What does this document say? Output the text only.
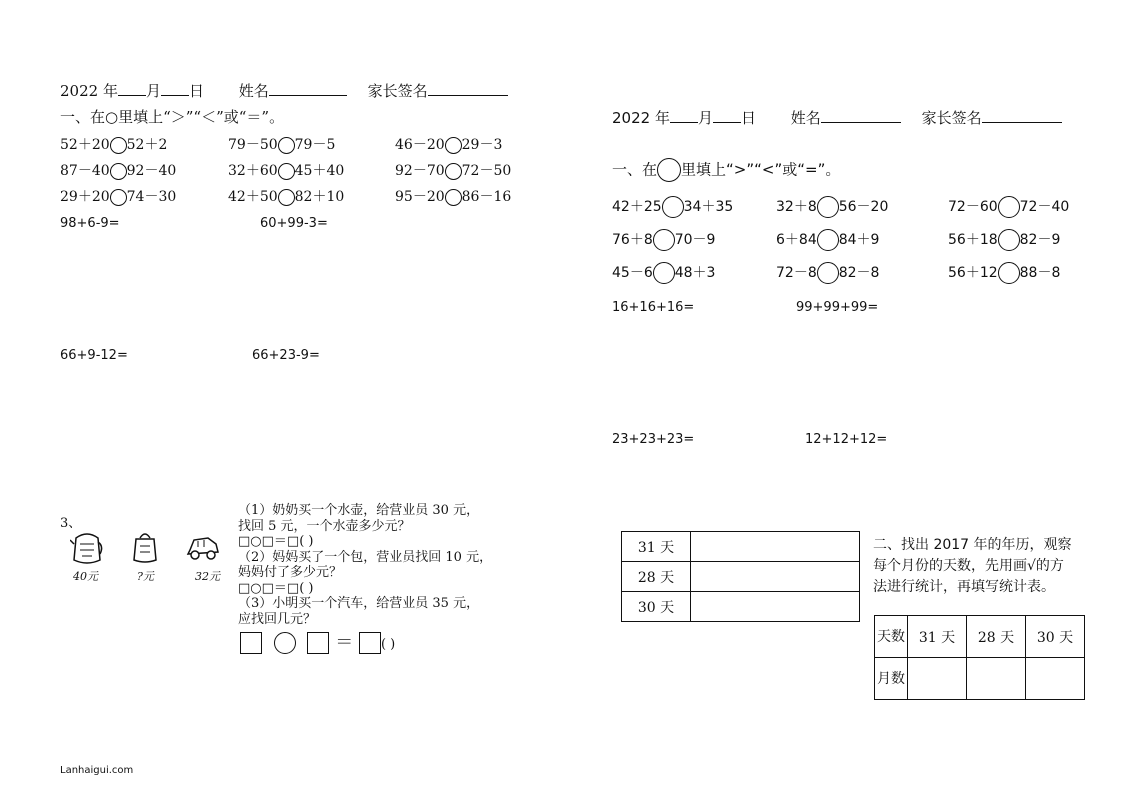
2022 年 月 日 姓名	家长签名
一、在○里填上“＞”“＜”或“＝”。
52＋20 52＋2	79－50 79－5	46－20 29－3
87－40 92－40	32＋60 45＋40	92－70 72－50
29＋20 74－30	42＋50 82＋10	95－20 86－16
98+6-9=	60+99-3=
66+9-12=	66+23-9=
3、
40元	?元	32元
（1）奶奶买一个水壶，给营业员 30 元，
找回 5 元，一个水壶多少元？
□○□＝□( )
（2）妈妈买了一个包，营业员找回 10 元，
妈妈付了多少元？
□○□＝□( )
（3）小明买一个汽车，给营业员 35 元，
应找回几元？
＝ ( )
Lanhaigui.com
2022 年 月 日 姓名	家长签名
一、在 里填上“>”“<”或“=”。
42＋25 34＋35	32＋8 56－20	72－60 72－40
76＋8 70－9	6＋84 84＋9	56＋18 82－9
45－6 48＋3	72－8 82－8	56＋12 88－8
16+16+16=	99+99+99=
23+23+23=	12+12+12=
31 天	
28 天	
30 天	
二、找出 2017 年的年历，观察
每个月份的天数，先用画√的方
法进行统计，再填写统计表。
天数	31 天	28 天	30 天
月数			
